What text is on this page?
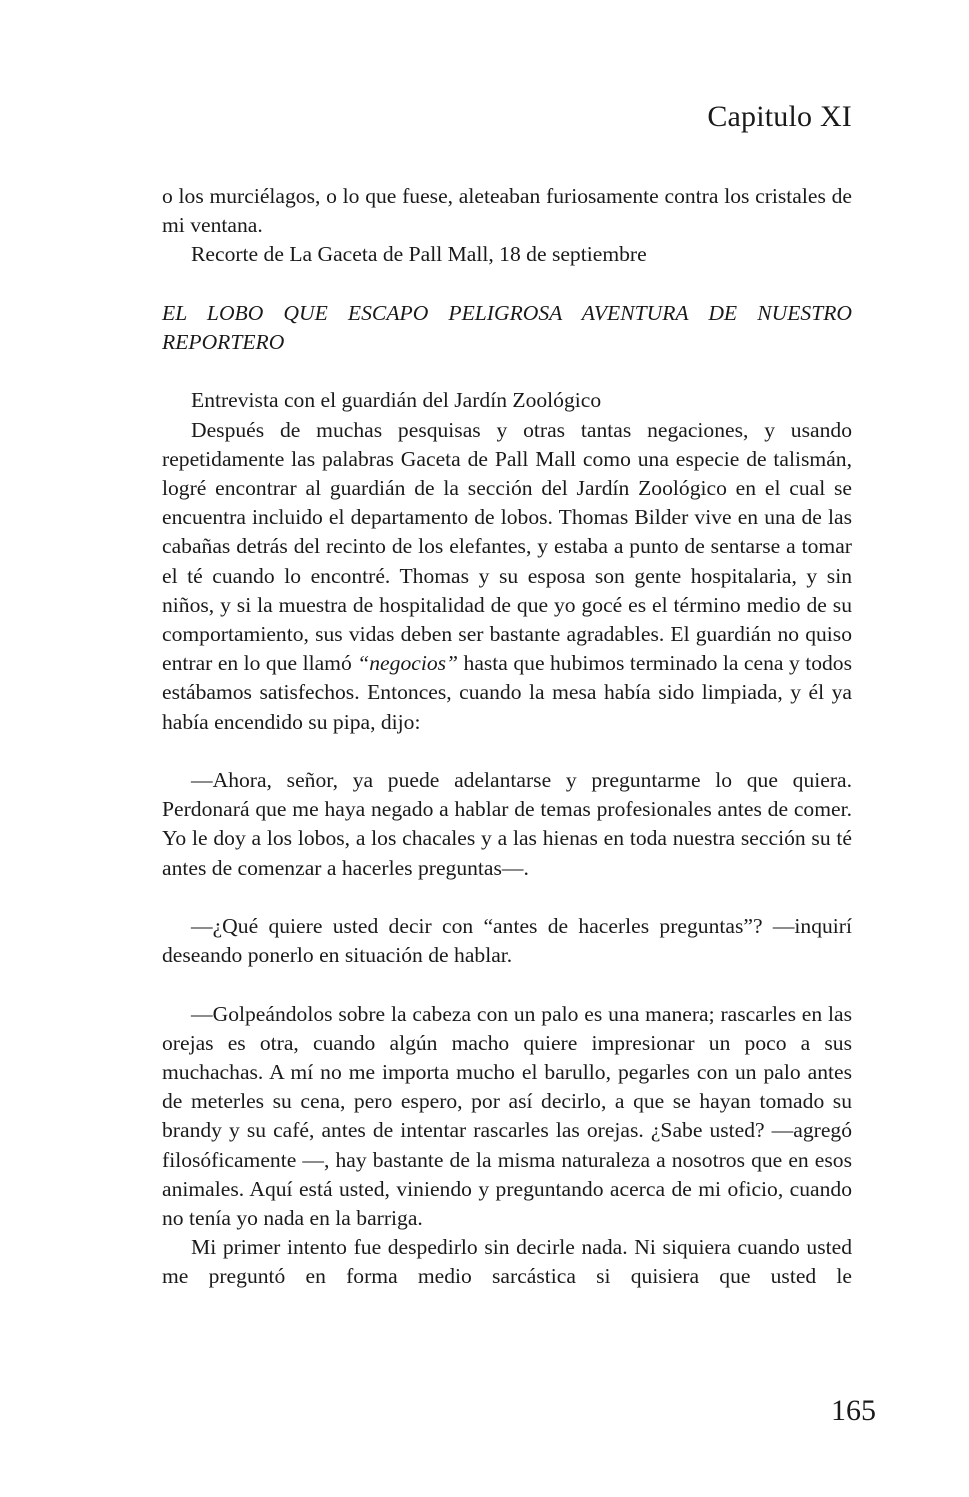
Capitulo XI

o los murciélagos, o lo que fuese, aleteaban furiosamente contra los cristales de mi ventana.

Recorte de La Gaceta de Pall Mall, 18 de septiembre

EL LOBO QUE ESCAPO PELIGROSA AVENTURA DE NUESTRO REPORTERO

Entrevista con el guardián del Jardín Zoológico

Después de muchas pesquisas y otras tantas negaciones, y usando repetidamente las palabras Gaceta de Pall Mall como una especie de talismán, logré encontrar al guardián de la sección del Jardín Zoológico en el cual se encuentra incluido el departamento de lobos. Thomas Bilder vive en una de las cabañas detrás del recinto de los elefantes, y estaba a punto de sentarse a tomar el té cuando lo encontré. Thomas y su esposa son gente hospitalaria, y sin niños, y si la muestra de hospitalidad de que yo gocé es el término medio de su comportamiento, sus vidas deben ser bastante agradables. El guardián no quiso entrar en lo que llamó “negocios” hasta que hubimos terminado la cena y todos estábamos satisfechos. Entonces, cuando la mesa había sido limpiada, y él ya había encendido su pipa, dijo:

—Ahora, señor, ya puede adelantarse y preguntarme lo que quiera. Perdonará que me haya negado a hablar de temas profesionales antes de comer. Yo le doy a los lobos, a los chacales y a las hienas en toda nuestra sección su té antes de comenzar a hacerles preguntas—.

—¿Qué quiere usted decir con “antes de hacerles preguntas”? —inquirí deseando ponerlo en situación de hablar.

—Golpeándolos sobre la cabeza con un palo es una manera; rascarles en las orejas es otra, cuando algún macho quiere impresionar un poco a sus muchachas. A mí no me importa mucho el barullo, pegarles con un palo antes de meterles su cena, pero espero, por así decirlo, a que se hayan tomado su brandy y su café, antes de intentar rascarles las orejas. ¿Sabe usted? —agregó filosóficamente —, hay bastante de la misma naturaleza a nosotros que en esos animales. Aquí está usted, viniendo y preguntando acerca de mi oficio, cuando no tenía yo nada en la barriga.

Mi primer intento fue despedirlo sin decirle nada. Ni siquiera cuando usted me preguntó en forma medio sarcástica si quisiera que usted le

165
